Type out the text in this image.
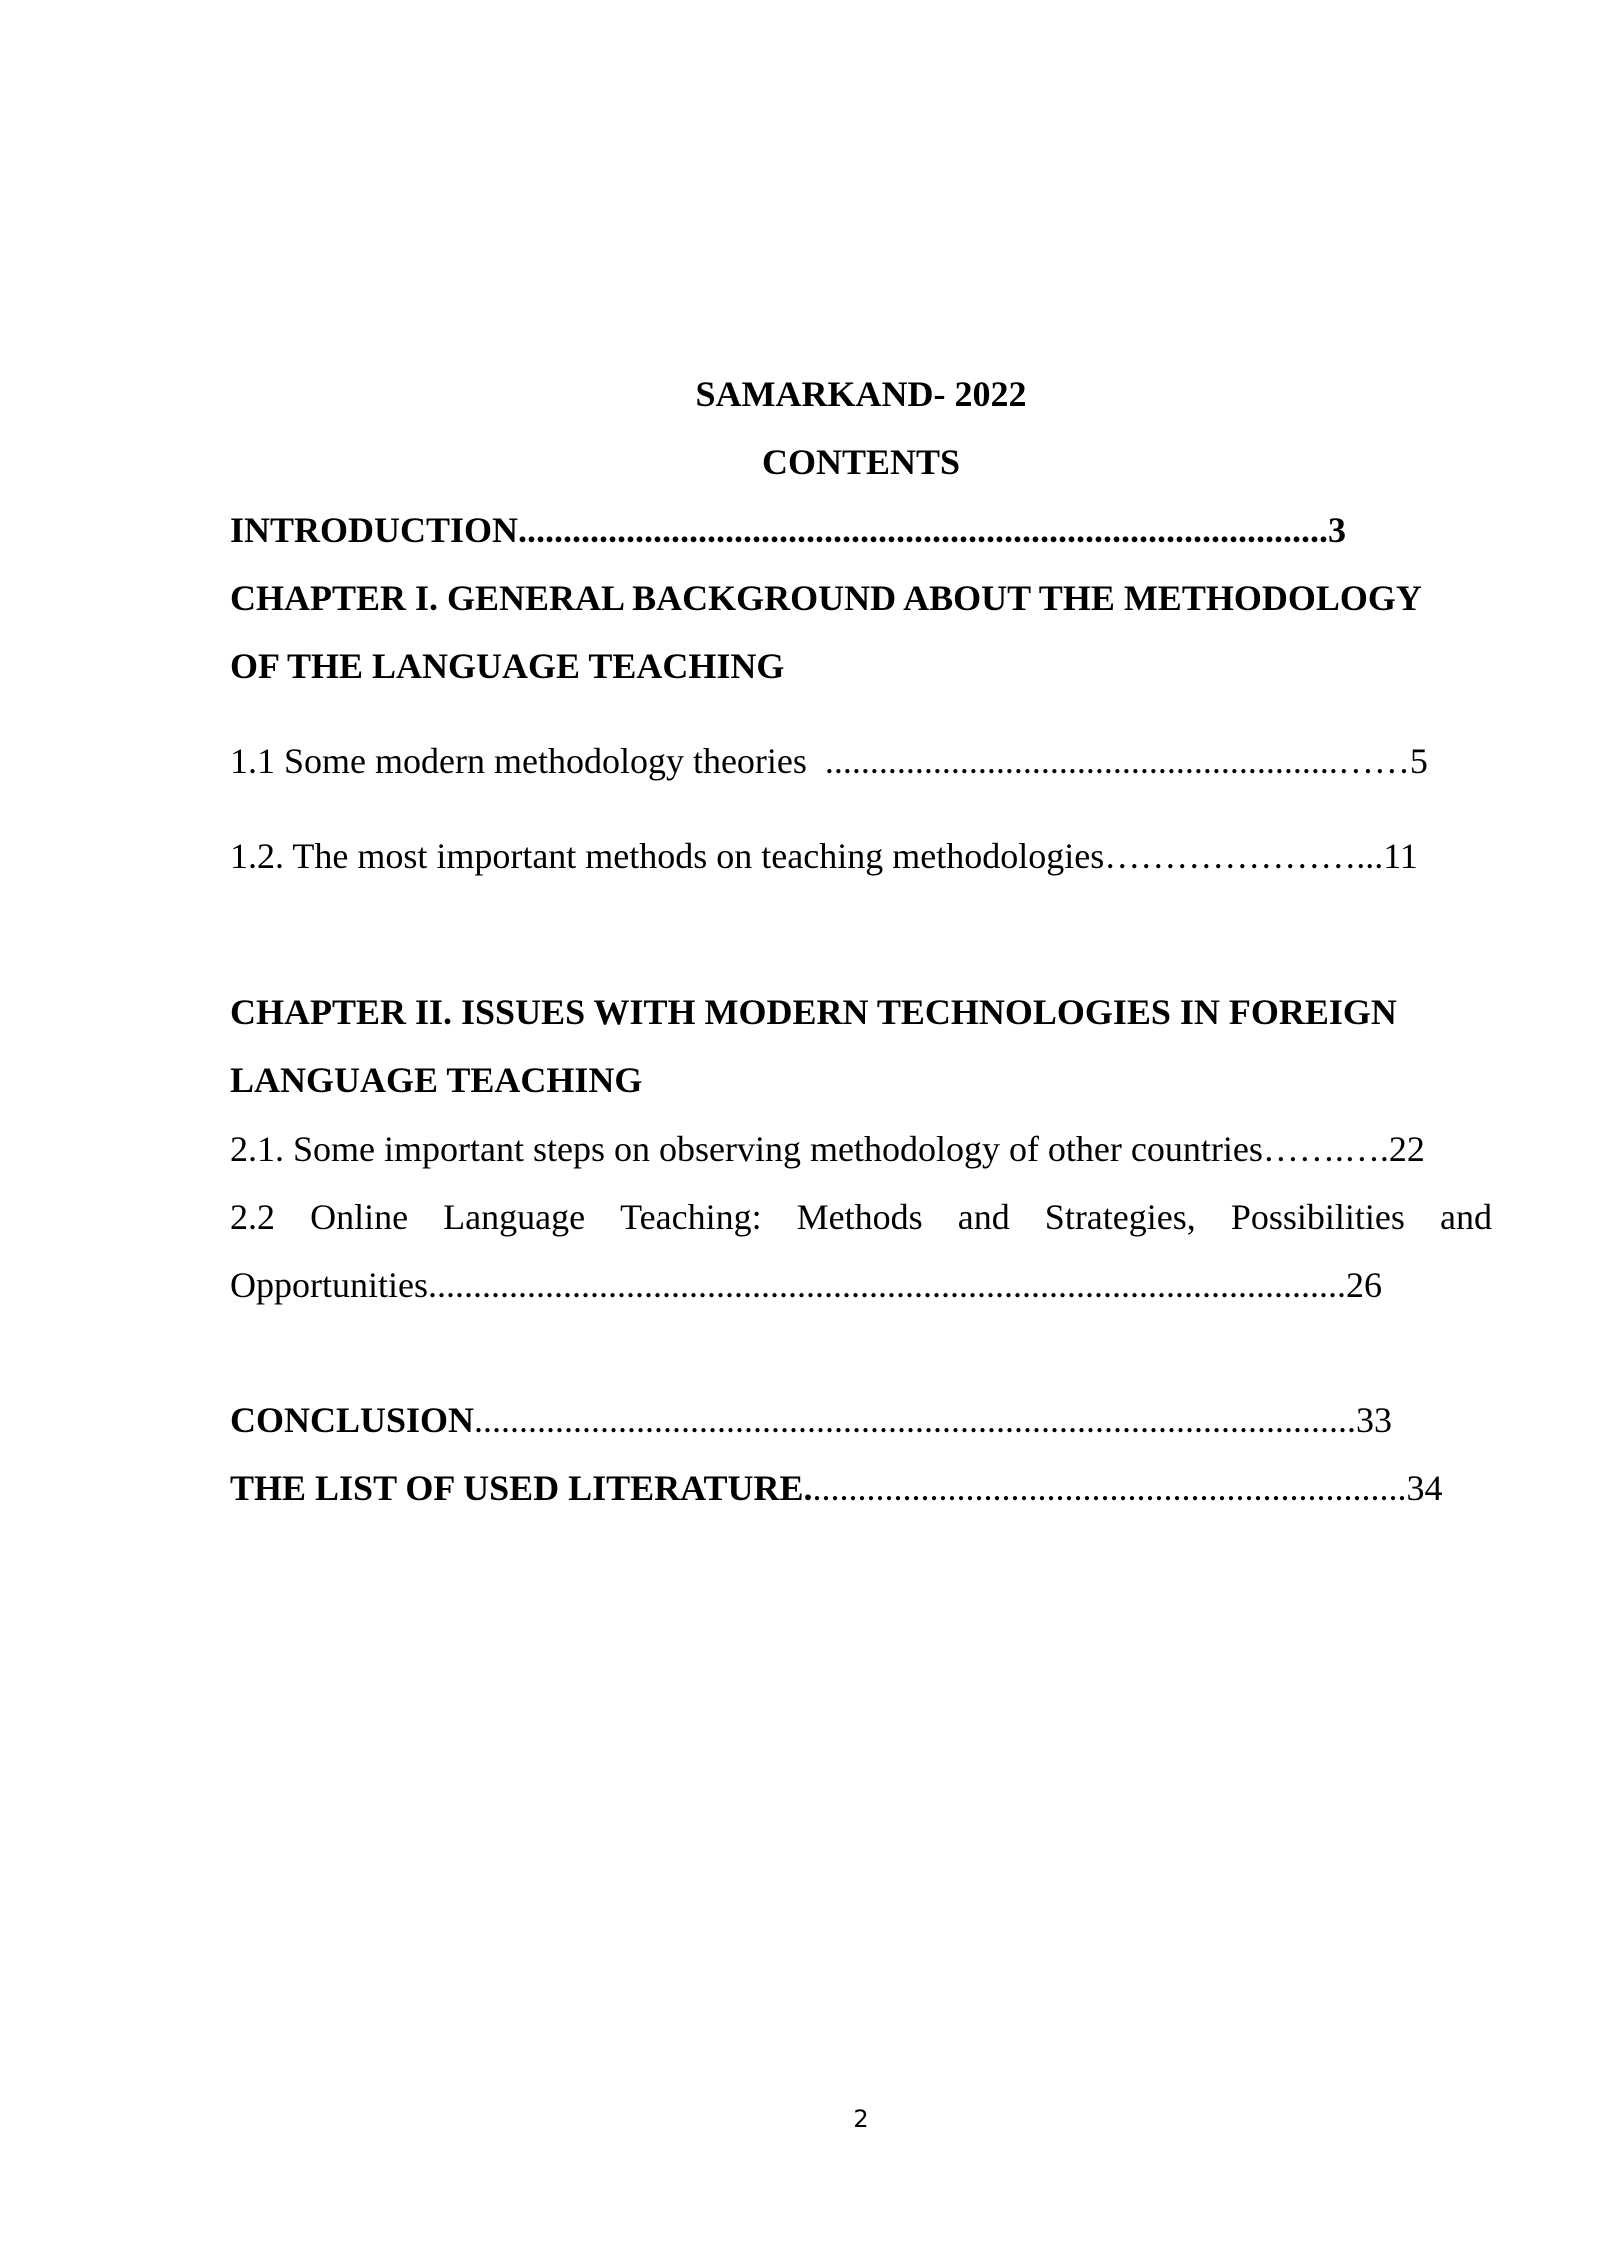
SAMARKAND- 2022
CONTENTS
INTRODUCTION .......................................................................................... 3
CHAPTER I. GENERAL BACKGROUND ABOUT THE METHODOLOGY
OF THE LANGUAGE TEACHING
1.1 Some modern methodology theories .........................................................…… 5
1.2. The most important methods on teaching methodologies …………………... 11
CHAPTER II. ISSUES WITH MODERN TECHNOLOGIES IN FOREIGN
LANGUAGE TEACHING
2.1. Some important steps on observing methodology of other countries …….…. 22
2.2 Online Language Teaching: Methods and Strategies, Possibilities and
Opportunities ...................................................................................................... 26
CONCLUSION .................................................................................................. 33
THE LIST OF USED LITERATURE. .................................................................. 34
2
